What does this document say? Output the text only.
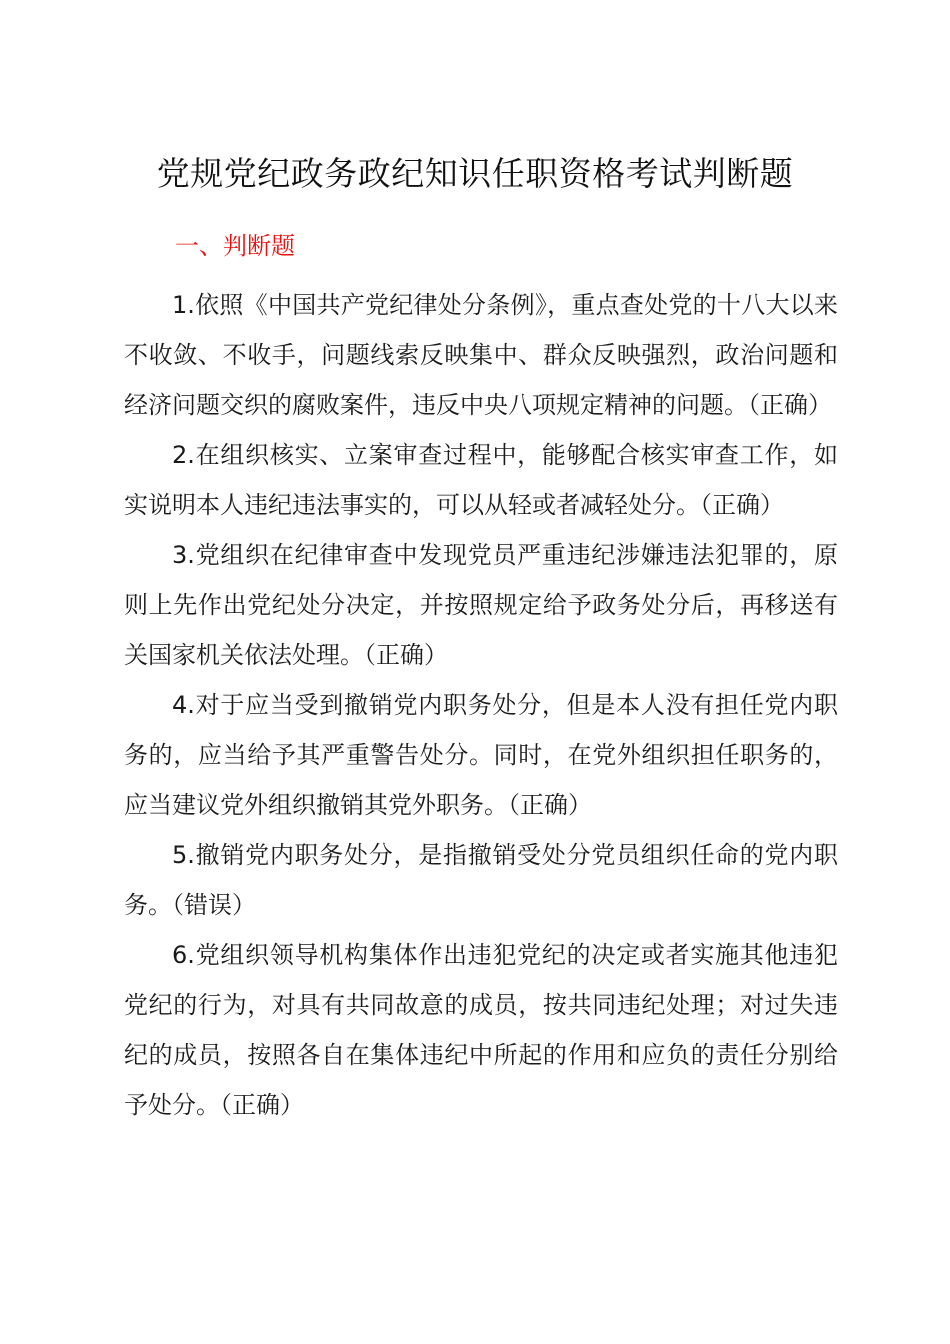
党规党纪政务政纪知识任职资格考试判断题

一、判断题

1.依照《中国共产党纪律处分条例》，重点查处党的十八大以来不收敛、不收手，问题线索反映集中、群众反映强烈，政治问题和经济问题交织的腐败案件，违反中央八项规定精神的问题。（正确）

2.在组织核实、立案审查过程中，能够配合核实审查工作，如实说明本人违纪违法事实的，可以从轻或者减轻处分。（正确）

3.党组织在纪律审查中发现党员严重违纪涉嫌违法犯罪的，原则上先作出党纪处分决定，并按照规定给予政务处分后，再移送有关国家机关依法处理。（正确）

4.对于应当受到撤销党内职务处分，但是本人没有担任党内职务的，应当给予其严重警告处分。同时，在党外组织担任职务的，应当建议党外组织撤销其党外职务。（正确）

5.撤销党内职务处分，是指撤销受处分党员组织任命的党内职务。（错误）

6.党组织领导机构集体作出违犯党纪的决定或者实施其他违犯党纪的行为，对具有共同故意的成员，按共同违纪处理；对过失违纪的成员，按照各自在集体违纪中所起的作用和应负的责任分别给予处分。（正确）
